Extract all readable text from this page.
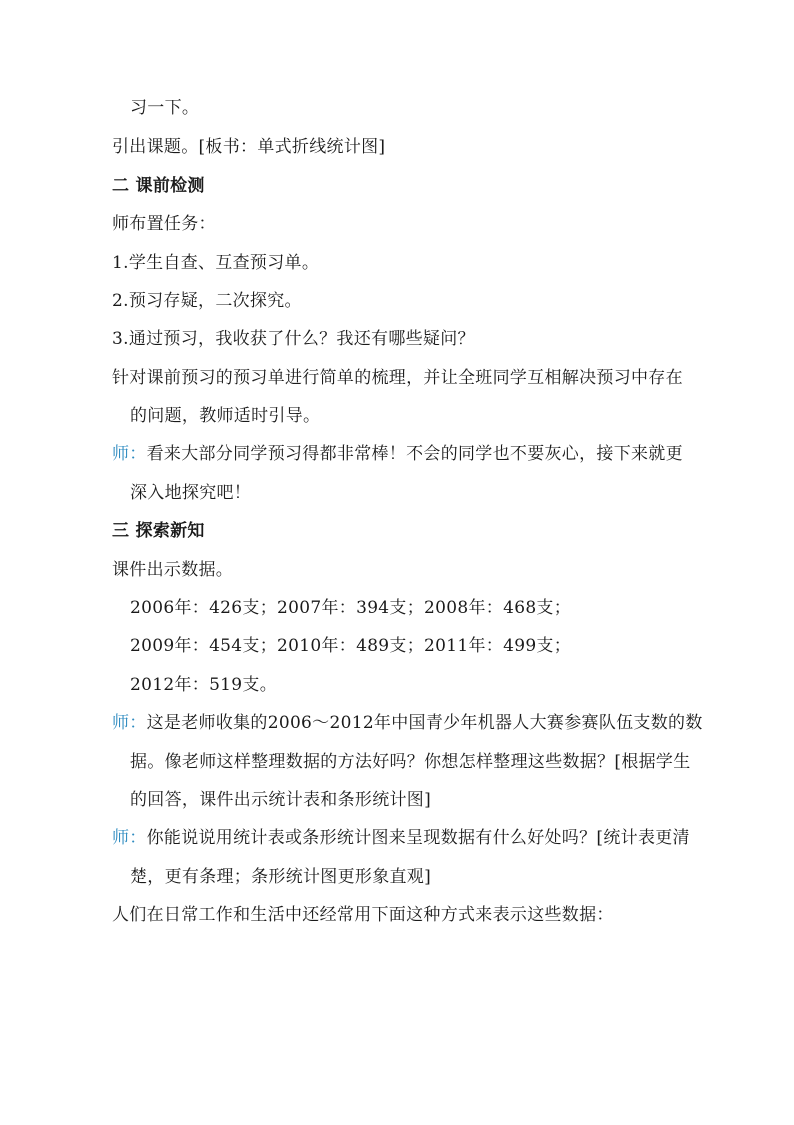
习一下。
引出课题。[板书：单式折线统计图]
二 课前检测
师布置任务：
1.学生自查、互查预习单。
2.预习存疑，二次探究。
3.通过预习，我收获了什么？我还有哪些疑问？
针对课前预习的预习单进行简单的梳理，并让全班同学互相解决预习中存在
的问题，教师适时引导。
师：看来大部分同学预习得都非常棒！不会的同学也不要灰心，接下来就更
深入地探究吧！
三 探索新知
课件出示数据。
2006年：426支；2007年：394支；2008年：468支；
2009年：454支；2010年：489支；2011年：499支；
2012年：519支。
师：这是老师收集的2006～2012年中国青少年机器人大赛参赛队伍支数的数
据。像老师这样整理数据的方法好吗？你想怎样整理这些数据？[根据学生
的回答，课件出示统计表和条形统计图]
师：你能说说用统计表或条形统计图来呈现数据有什么好处吗？[统计表更清
楚，更有条理；条形统计图更形象直观]
人们在日常工作和生活中还经常用下面这种方式来表示这些数据：
